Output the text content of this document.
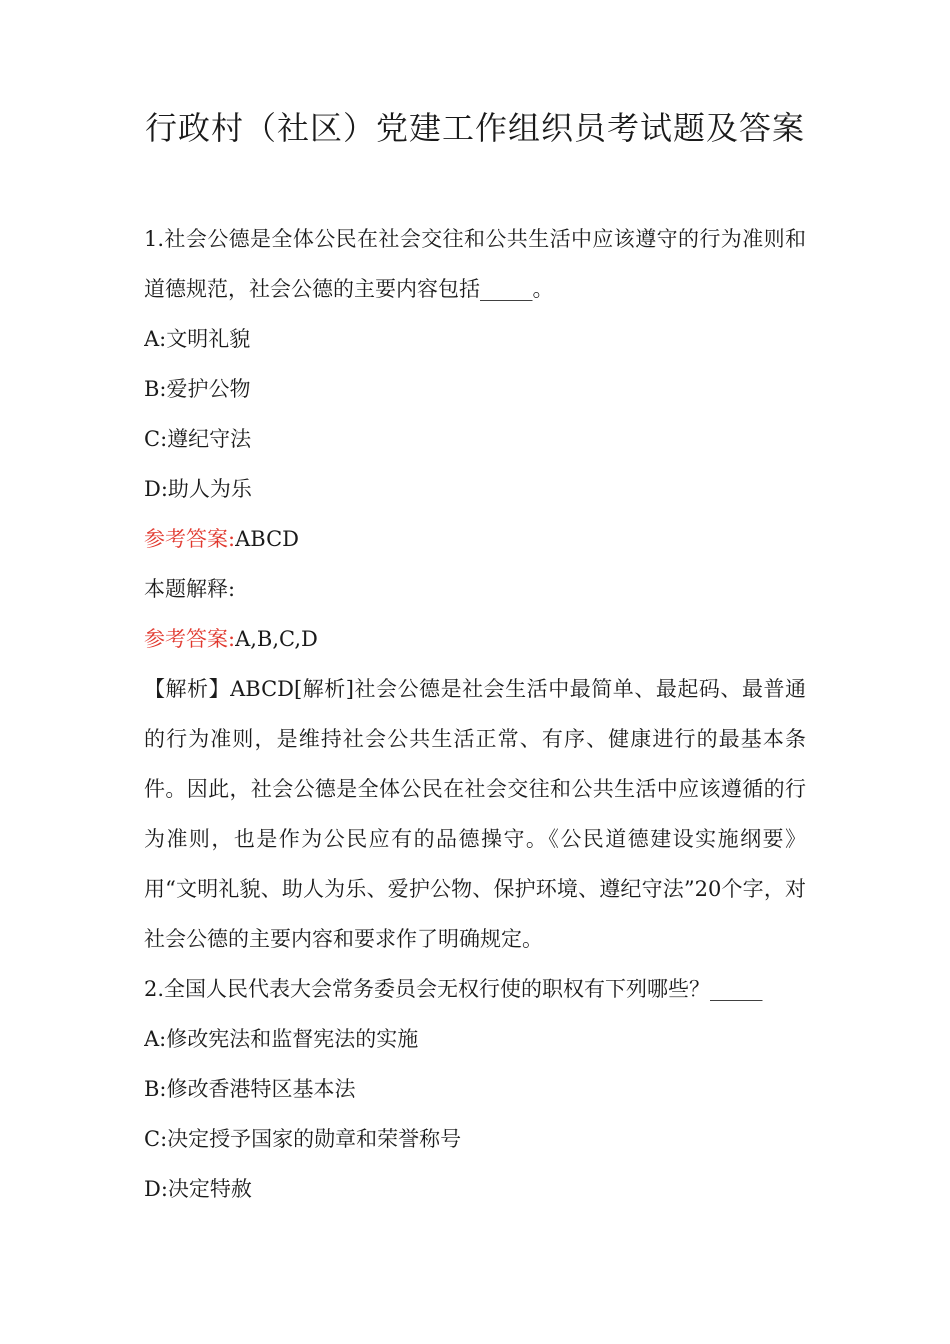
行政村（社区）党建工作组织员考试题及答案
1.社会公德是全体公民在社会交往和公共生活中应该遵守的行为准则和道德规范，社会公德的主要内容包括_____。
A:文明礼貌
B:爱护公物
C:遵纪守法
D:助人为乐
参考答案:ABCD
本题解释:
参考答案:A,B,C,D
【解析】ABCD[解析]社会公德是社会生活中最简单、最起码、最普通的行为准则，是维持社会公共生活正常、有序、健康进行的最基本条件。因此，社会公德是全体公民在社会交往和公共生活中应该遵循的行为准则，也是作为公民应有的品德操守。《公民道德建设实施纲要》用“文明礼貌、助人为乐、爱护公物、保护环境、遵纪守法”20个字，对社会公德的主要内容和要求作了明确规定。
2.全国人民代表大会常务委员会无权行使的职权有下列哪些？_____
A:修改宪法和监督宪法的实施
B:修改香港特区基本法
C:决定授予国家的勋章和荣誉称号
D:决定特赦
